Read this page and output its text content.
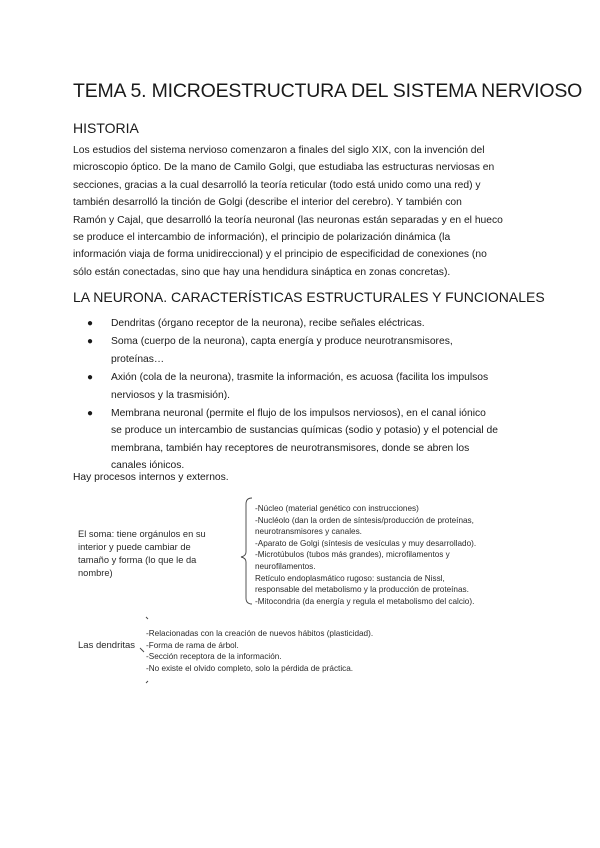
TEMA 5. MICROESTRUCTURA DEL SISTEMA NERVIOSO
HISTORIA
Los estudios del sistema nervioso comenzaron a finales del siglo XIX, con la invención del
microscopio óptico. De la mano de Camilo Golgi, que estudiaba las estructuras nerviosas en
secciones, gracias a la cual desarrolló la teoría reticular (todo está unido como una red) y
también desarrolló la tinción de Golgi (describe el interior del cerebro). Y también con
Ramón y Cajal, que desarrolló la teoría neuronal (las neuronas están separadas y en el hueco
se produce el intercambio de información), el principio de polarización dinámica (la
información viaja de forma unidireccional) y el principio de especificidad de conexiones (no
sólo están conectadas, sino que hay una hendidura sináptica en zonas concretas).
LA NEURONA. CARACTERÍSTICAS ESTRUCTURALES Y FUNCIONALES
● Dendritas (órgano receptor de la neurona), recibe señales eléctricas.
● Soma (cuerpo de la neurona), capta energía y produce neurotransmisores,
proteínas…
● Axión (cola de la neurona), trasmite la información, es acuosa (facilita los impulsos
nerviosos y la trasmisión).
● Membrana neuronal (permite el flujo de los impulsos nerviosos), en el canal iónico
se produce un intercambio de sustancias químicas (sodio y potasio) y el potencial de
membrana, también hay receptores de neurotransmisores, donde se abren los
canales iónicos.
Hay procesos internos y externos.
El soma: tiene orgánulos en su
interior y puede cambiar de
tamaño y forma (lo que le da
nombre)
-Núcleo (material genético con instrucciones)
-Nucléolo (dan la orden de síntesis/producción de proteínas,
neurotransmisores y canales.
-Aparato de Golgi (síntesis de vesículas y muy desarrollado).
-Microtúbulos (tubos más grandes), microfilamentos y
neurofilamentos.
Retículo endoplasmático rugoso: sustancia de Nissl,
responsable del metabolismo y la producción de proteínas.
-Mitocondria (da energía y regula el metabolismo del calcio).
Las dendritas
-Relacionadas con la creación de nuevos hábitos (plasticidad).
-Forma de rama de árbol.
-Sección receptora de la información.
-No existe el olvido completo, solo la pérdida de práctica.
